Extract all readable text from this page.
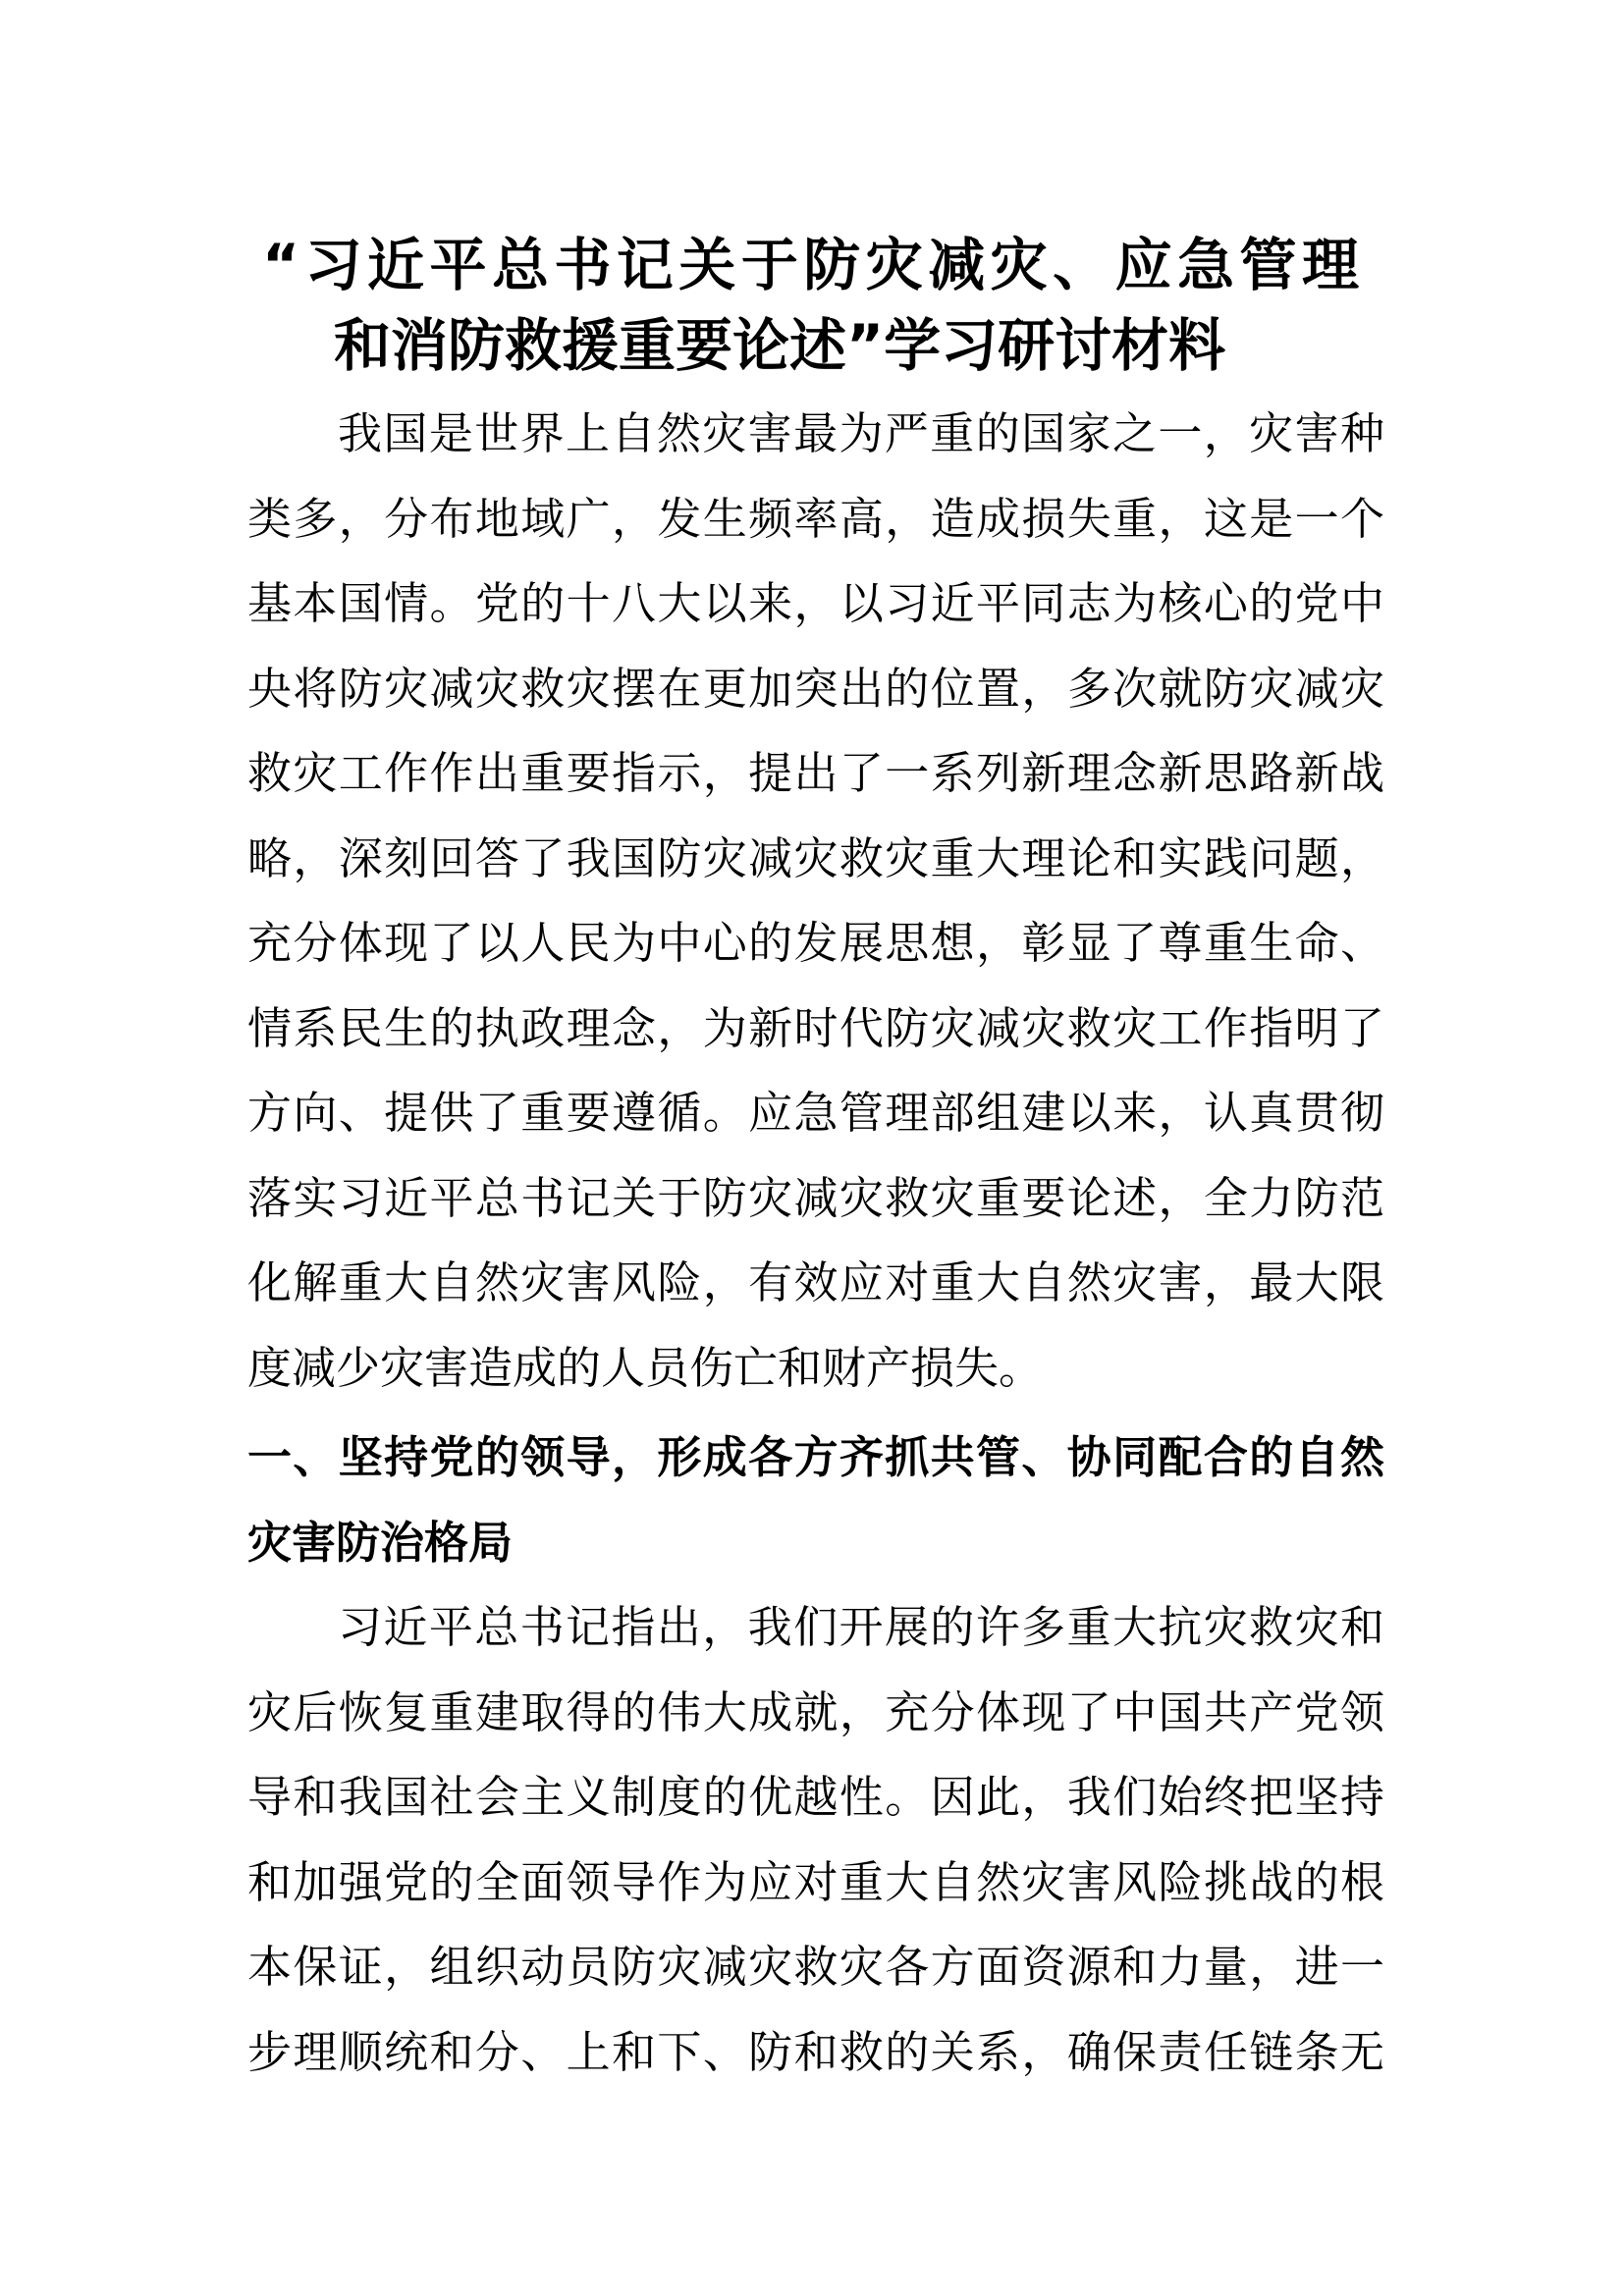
“习近平总书记关于防灾减灾、应急管理
和消防救援重要论述”学习研讨材料
我国是世界上自然灾害最为严重的国家之一，灾害种
类多，分布地域广，发生频率高，造成损失重，这是一个
基本国情。党的十八大以来，以习近平同志为核心的党中
央将防灾减灾救灾摆在更加突出的位置，多次就防灾减灾
救灾工作作出重要指示，提出了一系列新理念新思路新战
略，深刻回答了我国防灾减灾救灾重大理论和实践问题，
充分体现了以人民为中心的发展思想，彰显了尊重生命、
情系民生的执政理念，为新时代防灾减灾救灾工作指明了
方向、提供了重要遵循。应急管理部组建以来，认真贯彻
落实习近平总书记关于防灾减灾救灾重要论述，全力防范
化解重大自然灾害风险，有效应对重大自然灾害，最大限
度减少灾害造成的人员伤亡和财产损失。
一、坚持党的领导，形成各方齐抓共管、协同配合的自然
灾害防治格局
习近平总书记指出，我们开展的许多重大抗灾救灾和
灾后恢复重建取得的伟大成就，充分体现了中国共产党领
导和我国社会主义制度的优越性。因此，我们始终把坚持
和加强党的全面领导作为应对重大自然灾害风险挑战的根
本保证，组织动员防灾减灾救灾各方面资源和力量，进一
步理顺统和分、上和下、防和救的关系，确保责任链条无
